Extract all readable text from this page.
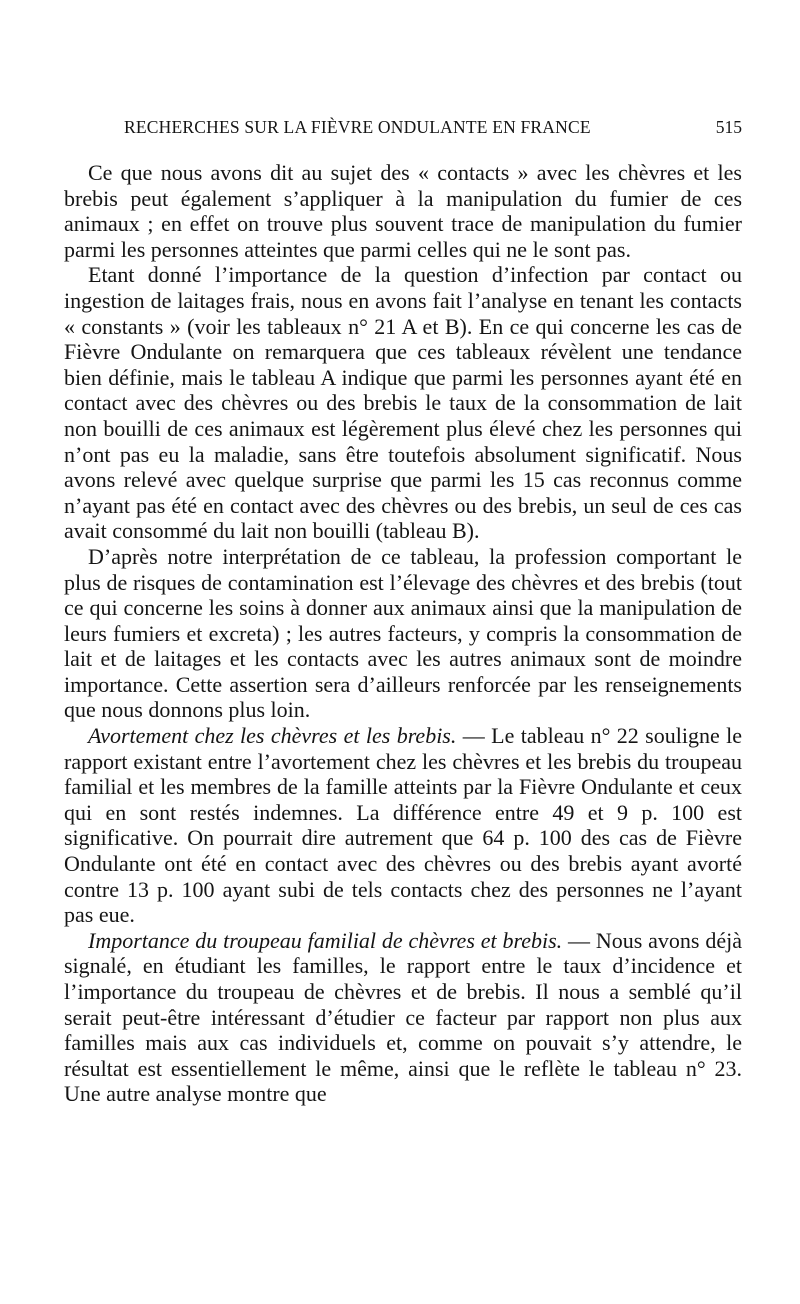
RECHERCHES SUR LA FIÈVRE ONDULANTE EN FRANCE	515

Ce que nous avons dit au sujet des « contacts » avec les chèvres et les brebis peut également s’appliquer à la manipulation du fumier de ces animaux ; en effet on trouve plus souvent trace de manipulation du fumier parmi les personnes atteintes que parmi celles qui ne le sont pas.

Etant donné l’importance de la question d’infection par contact ou ingestion de laitages frais, nous en avons fait l’analyse en tenant les contacts « constants » (voir les tableaux n° 21 A et B). En ce qui concerne les cas de Fièvre Ondulante on remarquera que ces tableaux révèlent une tendance bien définie, mais le tableau A indique que parmi les personnes ayant été en contact avec des chèvres ou des brebis le taux de la consommation de lait non bouilli de ces animaux est légèrement plus élevé chez les personnes qui n’ont pas eu la maladie, sans être toutefois absolument significatif. Nous avons relevé avec quelque surprise que parmi les 15 cas reconnus comme n’ayant pas été en contact avec des chèvres ou des brebis, un seul de ces cas avait consommé du lait non bouilli (tableau B).

D’après notre interprétation de ce tableau, la profession comportant le plus de risques de contamination est l’élevage des chèvres et des brebis (tout ce qui concerne les soins à donner aux animaux ainsi que la manipulation de leurs fumiers et excreta) ; les autres facteurs, y compris la consommation de lait et de laitages et les contacts avec les autres animaux sont de moindre importance. Cette assertion sera d’ailleurs renforcée par les renseignements que nous donnons plus loin.

Avortement chez les chèvres et les brebis. — Le tableau n° 22 souligne le rapport existant entre l’avortement chez les chèvres et les brebis du troupeau familial et les membres de la famille atteints par la Fièvre Ondulante et ceux qui en sont restés indemnes. La différence entre 49 et 9 p. 100 est significative. On pourrait dire autrement que 64 p. 100 des cas de Fièvre Ondulante ont été en contact avec des chèvres ou des brebis ayant avorté contre 13 p. 100 ayant subi de tels contacts chez des personnes ne l’ayant pas eue.

Importance du troupeau familial de chèvres et brebis. — Nous avons déjà signalé, en étudiant les familles, le rapport entre le taux d’incidence et l’importance du troupeau de chèvres et de brebis. Il nous a semblé qu’il serait peut-être intéressant d’étudier ce facteur par rapport non plus aux familles mais aux cas individuels et, comme on pouvait s’y attendre, le résultat est essentiellement le même, ainsi que le reflète le tableau n° 23. Une autre analyse montre que
